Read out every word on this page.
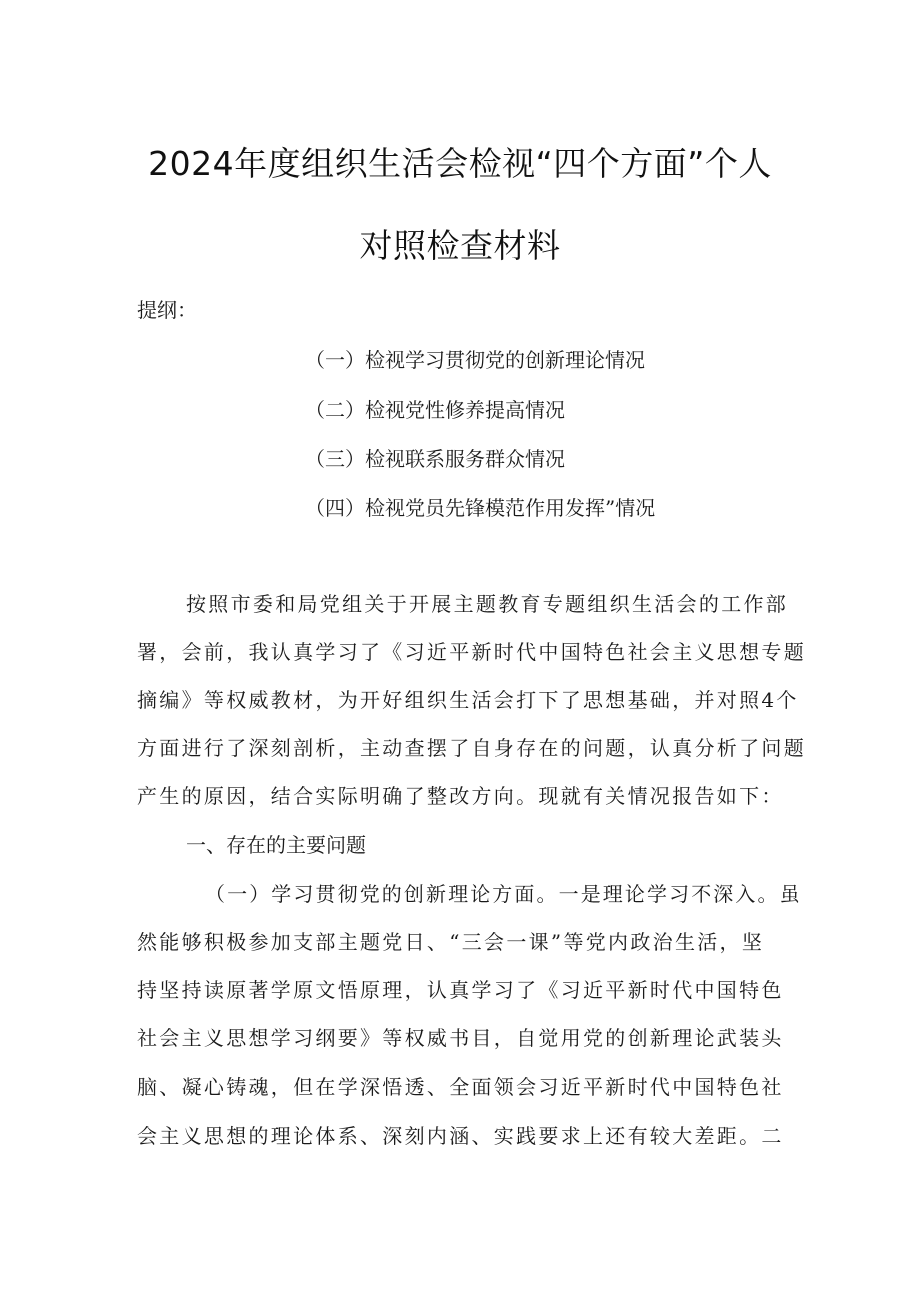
2024年度组织生活会检视“四个方面”个人
对照检查材料
提纲：
（一）检视学习贯彻党的创新理论情况
（二）检视党性修养提高情况
（三）检视联系服务群众情况
（四）检视党员先锋模范作用发挥”情况
按照市委和局党组关于开展主题教育专题组织生活会的工作部
署，会前，我认真学习了《习近平新时代中国特色社会主义思想专题
摘编》等权威教材，为开好组织生活会打下了思想基础，并对照4个
方面进行了深刻剖析，主动查摆了自身存在的问题，认真分析了问题
产生的原因，结合实际明确了整改方向。现就有关情况报告如下：
一、存在的主要问题
（一）学习贯彻党的创新理论方面。一是理论学习不深入。虽
然能够积极参加支部主题党日、“三会一课”等党内政治生活，坚
持坚持读原著学原文悟原理，认真学习了《习近平新时代中国特色
社会主义思想学习纲要》等权威书目，自觉用党的创新理论武装头
脑、凝心铸魂，但在学深悟透、全面领会习近平新时代中国特色社
会主义思想的理论体系、深刻内涵、实践要求上还有较大差距。二
